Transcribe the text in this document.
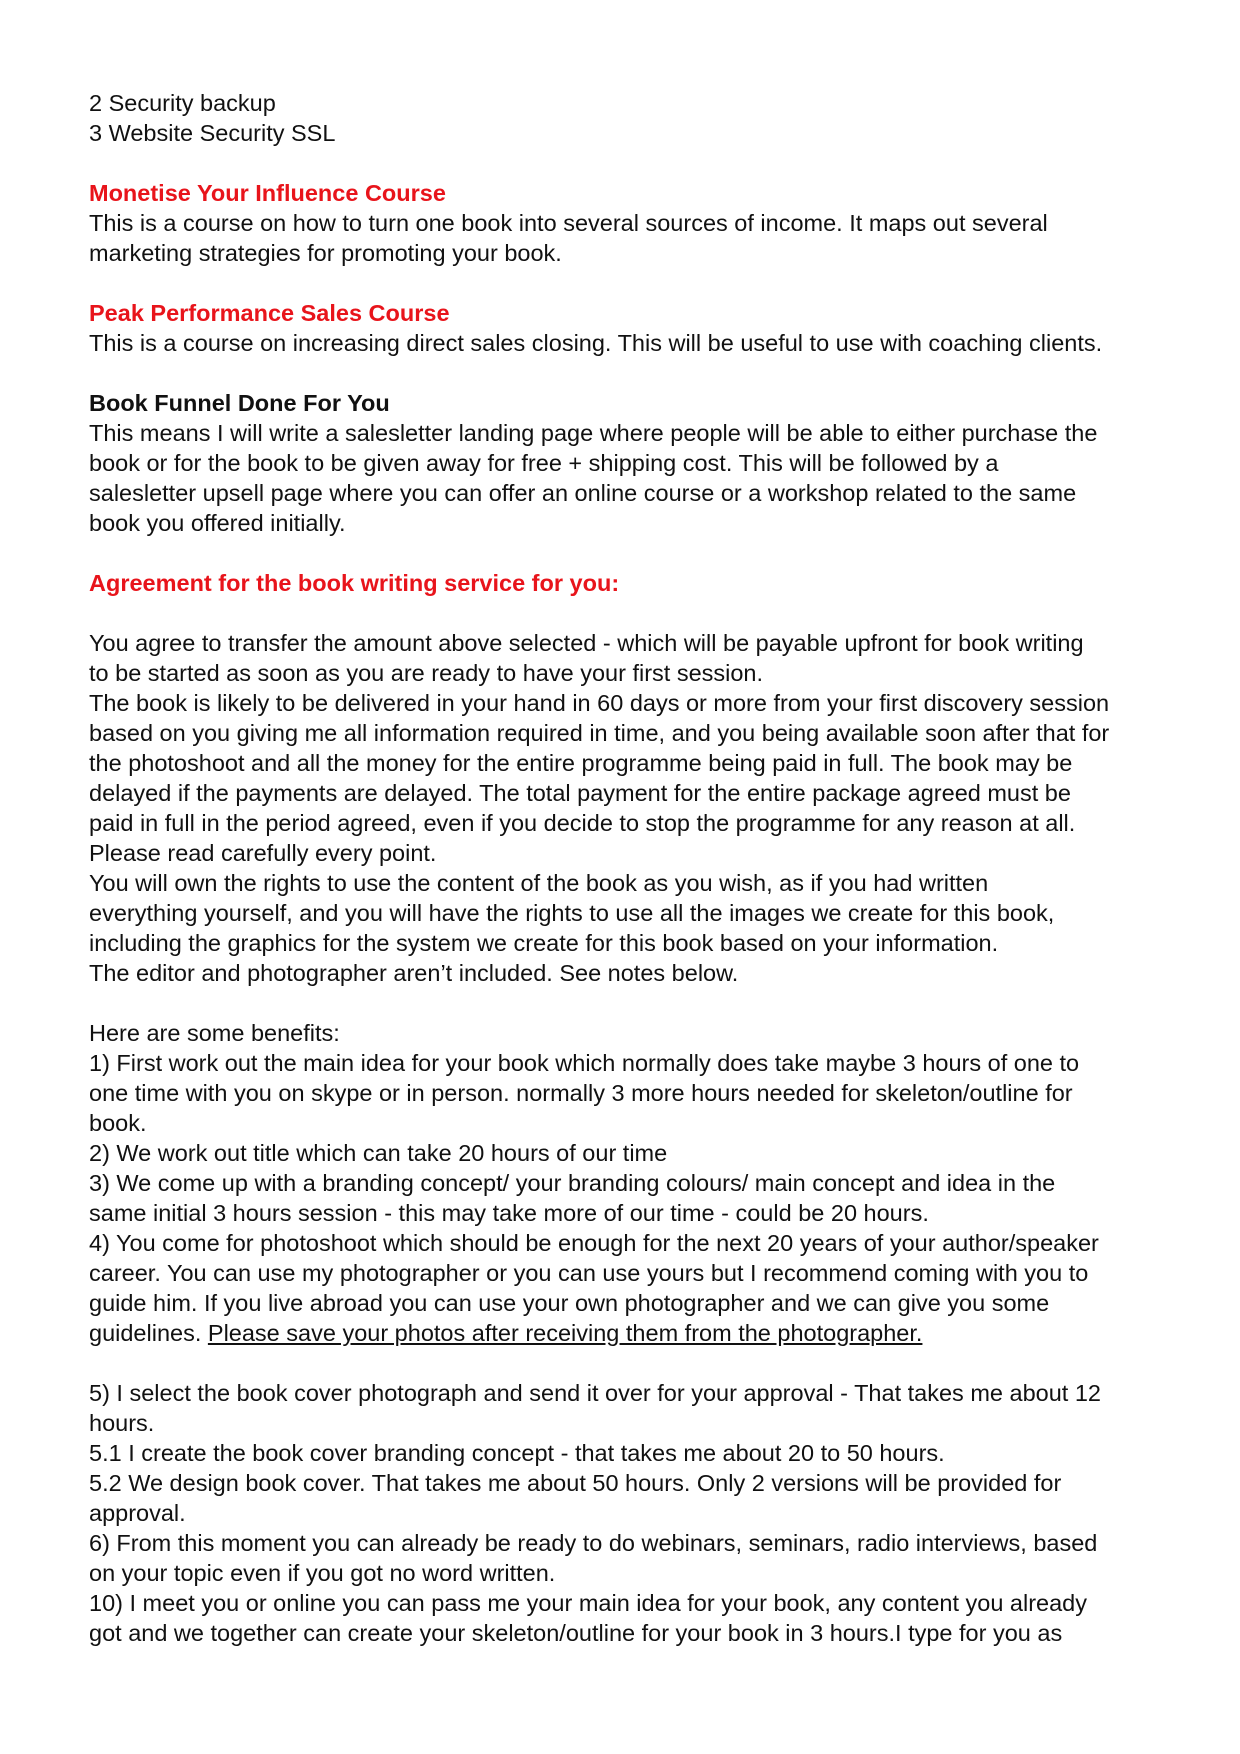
2 Security backup
3 Website Security SSL
Monetise Your Influence Course
This is a course on how to turn one book into several sources of income. It maps out several
marketing strategies for promoting your book.
Peak Performance Sales Course
This is a course on increasing direct sales closing. This will be useful to use with coaching clients.
Book Funnel Done For You
This means I will write a salesletter landing page where people will be able to either purchase the
book or for the book to be given away for free + shipping cost. This will be followed by a
salesletter upsell page where you can offer an online course or a workshop related to the same
book you offered initially.
Agreement for the book writing service for you:
You agree to transfer the amount above selected - which will be payable upfront for book writing
to be started as soon as you are ready to have your first session.
The book is likely to be delivered in your hand in 60 days or more from your first discovery session
based on you giving me all information required in time, and you being available soon after that for
the photoshoot and all the money for the entire programme being paid in full. The book may be
delayed if the payments are delayed. The total payment for the entire package agreed must be
paid in full in the period agreed, even if you decide to stop the programme for any reason at all.
Please read carefully every point.
You will own the rights to use the content of the book as you wish, as if you had written
everything yourself, and you will have the rights to use all the images we create for this book,
including the graphics for the system we create for this book based on your information.
The editor and photographer aren’t included. See notes below.
Here are some benefits:
1) First work out the main idea for your book which normally does take maybe 3 hours of one to
one time with you on skype or in person. normally 3 more hours needed for skeleton/outline for
book.
2) We work out title which can take 20 hours of our time
3) We come up with a branding concept/ your branding colours/ main concept and idea in the
same initial 3 hours session - this may take more of our time - could be 20 hours.
4) You come for photoshoot which should be enough for the next 20 years of your author/speaker
career. You can use my photographer or you can use yours but I recommend coming with you to
guide him. If you live abroad you can use your own photographer and we can give you some
guidelines. Please save your photos after receiving them from the photographer.
5) I select the book cover photograph and send it over for your approval - That takes me about 12
hours.
5.1 I create the book cover branding concept - that takes me about 20 to 50 hours.
5.2 We design book cover. That takes me about 50 hours. Only 2 versions will be provided for
approval.
6) From this moment you can already be ready to do webinars, seminars, radio interviews, based
on your topic even if you got no word written.
10) I meet you or online you can pass me your main idea for your book, any content you already
got and we together can create your skeleton/outline for your book in 3 hours.I type for you as
